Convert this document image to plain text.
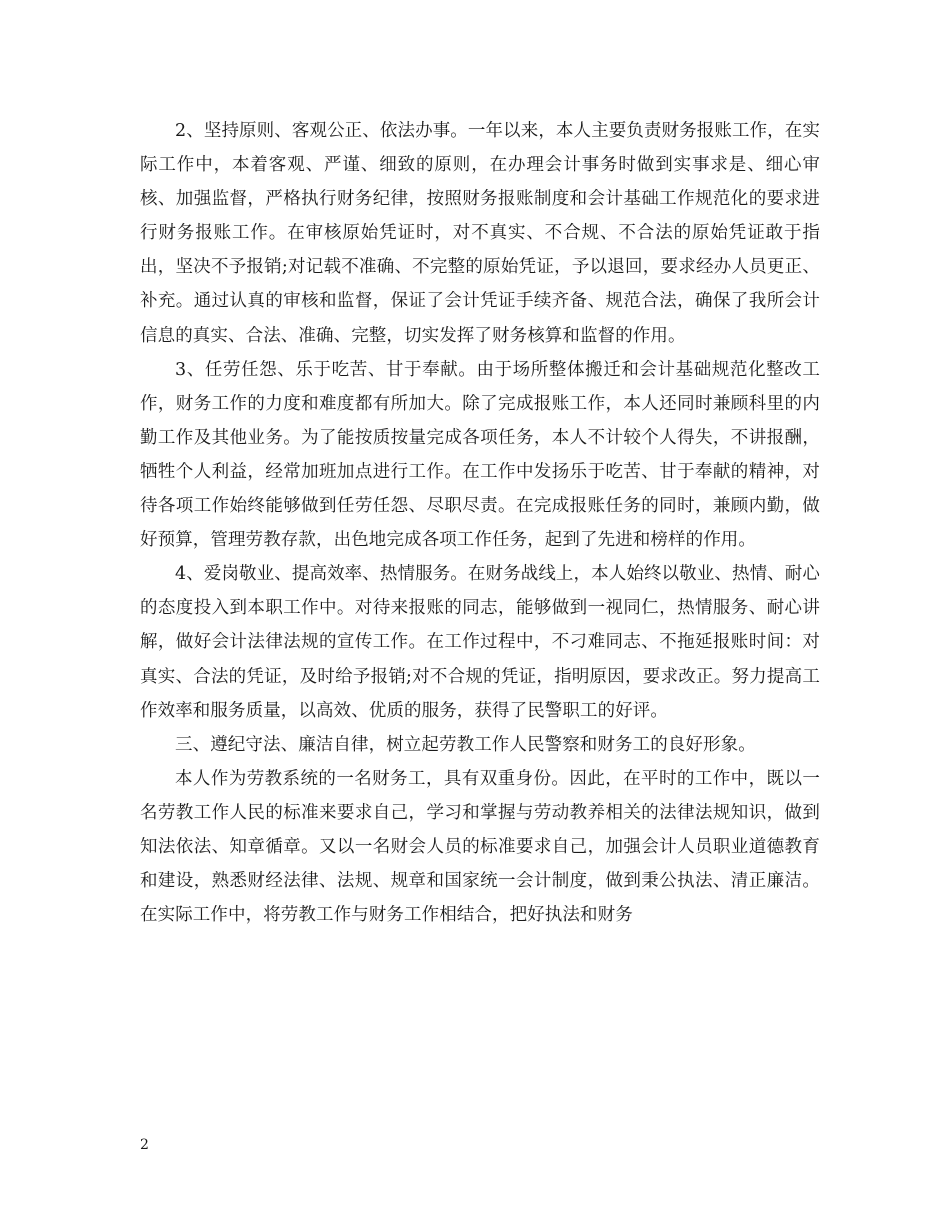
2、坚持原则、客观公正、依法办事。一年以来，本人主要负责财务报账工作，在实际工作中，本着客观、严谨、细致的原则，在办理会计事务时做到实事求是、细心审核、加强监督，严格执行财务纪律，按照财务报账制度和会计基础工作规范化的要求进行财务报账工作。在审核原始凭证时，对不真实、不合规、不合法的原始凭证敢于指出，坚决不予报销;对记载不准确、不完整的原始凭证，予以退回，要求经办人员更正、补充。通过认真的审核和监督，保证了会计凭证手续齐备、规范合法，确保了我所会计信息的真实、合法、准确、完整，切实发挥了财务核算和监督的作用。

3、任劳任怨、乐于吃苦、甘于奉献。由于场所整体搬迁和会计基础规范化整改工作，财务工作的力度和难度都有所加大。除了完成报账工作，本人还同时兼顾科里的内勤工作及其他业务。为了能按质按量完成各项任务，本人不计较个人得失，不讲报酬，牺牲个人利益，经常加班加点进行工作。在工作中发扬乐于吃苦、甘于奉献的精神，对待各项工作始终能够做到任劳任怨、尽职尽责。在完成报账任务的同时，兼顾内勤，做好预算，管理劳教存款，出色地完成各项工作任务，起到了先进和榜样的作用。

4、爱岗敬业、提高效率、热情服务。在财务战线上，本人始终以敬业、热情、耐心的态度投入到本职工作中。对待来报账的同志，能够做到一视同仁，热情服务、耐心讲解，做好会计法律法规的宣传工作。在工作过程中，不刁难同志、不拖延报账时间：对真实、合法的凭证，及时给予报销;对不合规的凭证，指明原因，要求改正。努力提高工作效率和服务质量，以高效、优质的服务，获得了民警职工的好评。

三、遵纪守法、廉洁自律，树立起劳教工作人民警察和财务工的良好形象。

本人作为劳教系统的一名财务工，具有双重身份。因此，在平时的工作中，既以一名劳教工作人民的标准来要求自己，学习和掌握与劳动教养相关的法律法规知识，做到知法依法、知章循章。又以一名财会人员的标准要求自己，加强会计人员职业道德教育和建设，熟悉财经法律、法规、规章和国家统一会计制度，做到秉公执法、清正廉洁。在实际工作中，将劳教工作与财务工作相结合，把好执法和财务

2
